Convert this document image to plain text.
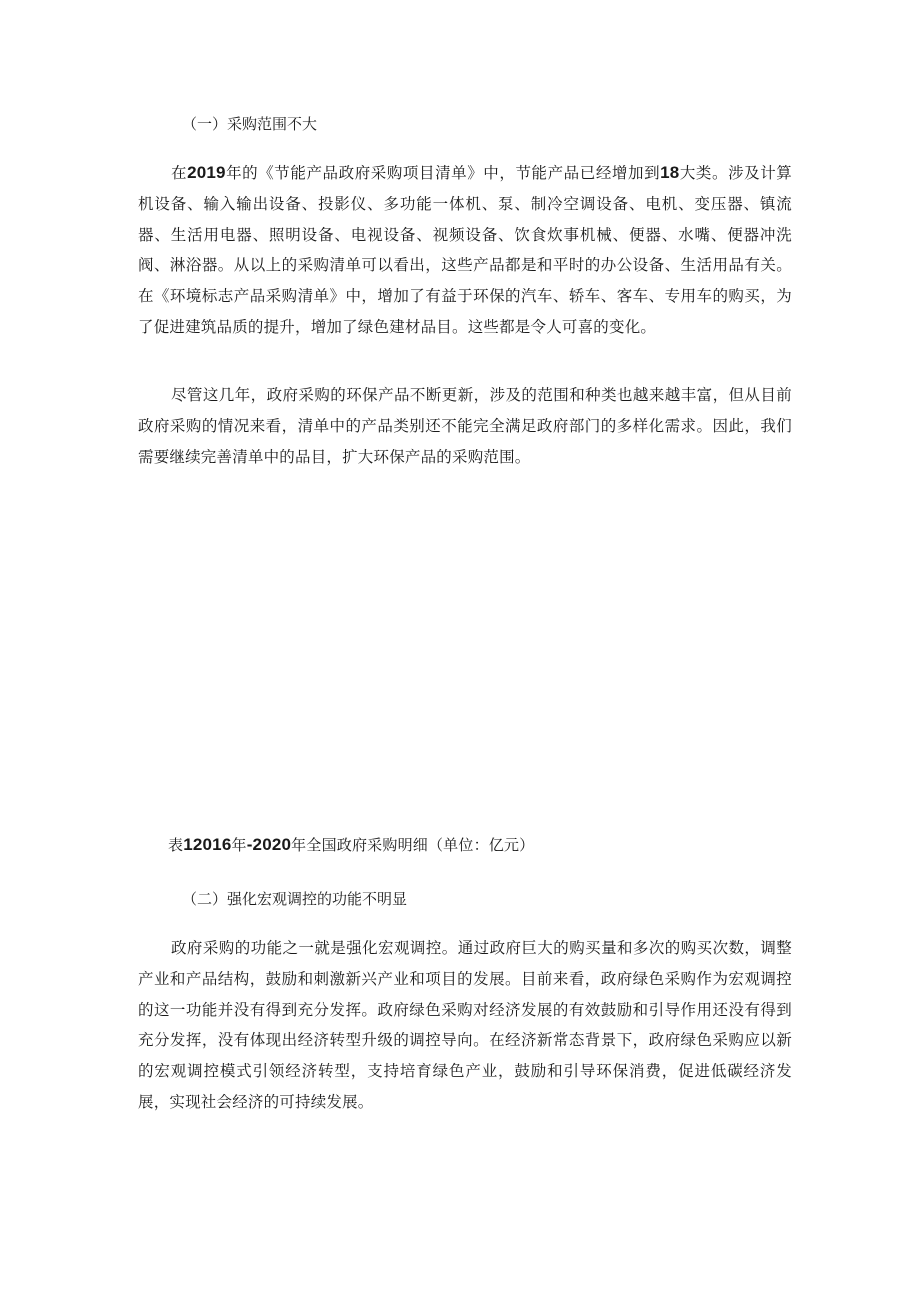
（一）采购范围不大

在2019年的《节能产品政府采购项目清单》中，节能产品已经增加到18大类。涉及计算机设备、输入输出设备、投影仪、多功能一体机、泵、制冷空调设备、电机、变压器、镇流器、生活用电器、照明设备、电视设备、视频设备、饮食炊事机械、便器、水嘴、便器冲洗阀、淋浴器。从以上的采购清单可以看出，这些产品都是和平时的办公设备、生活用品有关。在《环境标志产品采购清单》中，增加了有益于环保的汽车、轿车、客车、专用车的购买，为了促进建筑品质的提升，增加了绿色建材品目。这些都是令人可喜的变化。

尽管这几年，政府采购的环保产品不断更新，涉及的范围和种类也越来越丰富，但从目前政府采购的情况来看，清单中的产品类别还不能完全满足政府部门的多样化需求。因此，我们需要继续完善清单中的品目，扩大环保产品的采购范围。

表12016年-2020年全国政府采购明细（单位：亿元）

（二）强化宏观调控的功能不明显

政府采购的功能之一就是强化宏观调控。通过政府巨大的购买量和多次的购买次数，调整产业和产品结构，鼓励和刺激新兴产业和项目的发展。目前来看，政府绿色采购作为宏观调控的这一功能并没有得到充分发挥。政府绿色采购对经济发展的有效鼓励和引导作用还没有得到充分发挥，没有体现出经济转型升级的调控导向。在经济新常态背景下，政府绿色采购应以新的宏观调控模式引领经济转型，支持培育绿色产业，鼓励和引导环保消费，促进低碳经济发展，实现社会经济的可持续发展。
